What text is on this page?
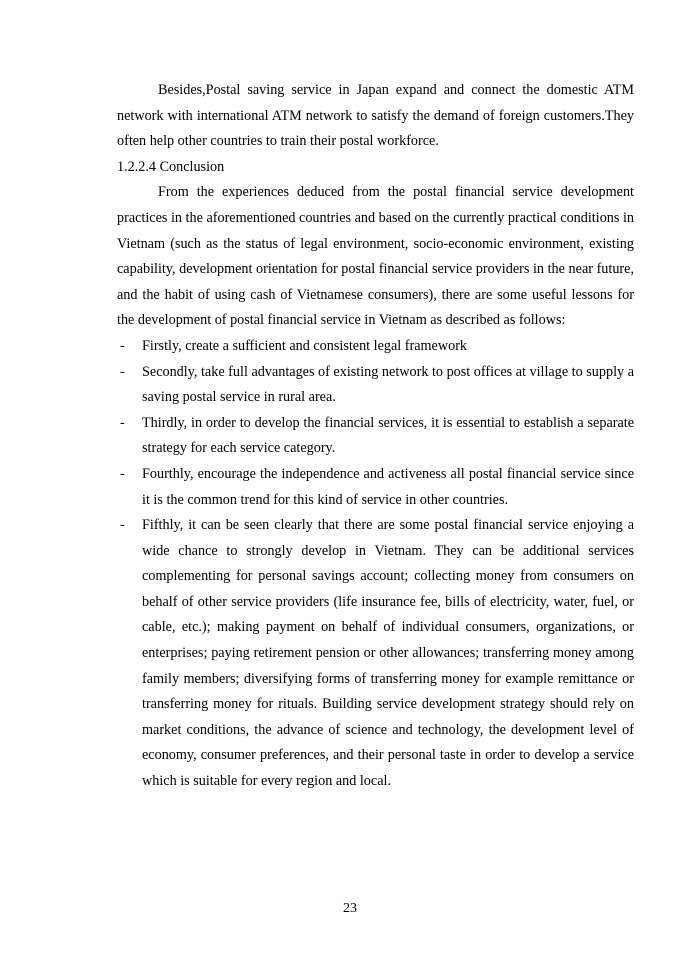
Besides,Postal saving service in Japan expand and connect the domestic ATM network with international ATM network to satisfy the demand of foreign customers.They often help other countries to train their postal workforce.

1.2.2.4 Conclusion

From the experiences deduced from the postal financial service development practices in the aforementioned countries and based on the currently practical conditions in Vietnam (such as the status of legal environment, socio-economic environment, existing capability, development orientation for postal financial service providers in the near future, and the habit of using cash of Vietnamese consumers), there are some useful lessons for the development of postal financial service in Vietnam as described as follows:

- Firstly, create a sufficient and consistent legal framework
- Secondly, take full advantages of existing network to post offices at village to supply a saving postal service in rural area.
- Thirdly, in order to develop the financial services, it is essential to establish a separate strategy for each service category.
- Fourthly, encourage the independence and activeness all postal financial service since it is the common trend for this kind of service in other countries.
- Fifthly, it can be seen clearly that there are some postal financial service enjoying a wide chance to strongly develop in Vietnam. They can be additional services complementing for personal savings account; collecting money from consumers on behalf of other service providers (life insurance fee, bills of electricity, water, fuel, or cable, etc.); making payment on behalf of individual consumers, organizations, or enterprises; paying retirement pension or other allowances; transferring money among family members; diversifying forms of transferring money for example remittance or transferring money for rituals. Building service development strategy should rely on market conditions, the advance of science and technology, the development level of economy, consumer preferences, and their personal taste in order to develop a service which is suitable for every region and local.
23
